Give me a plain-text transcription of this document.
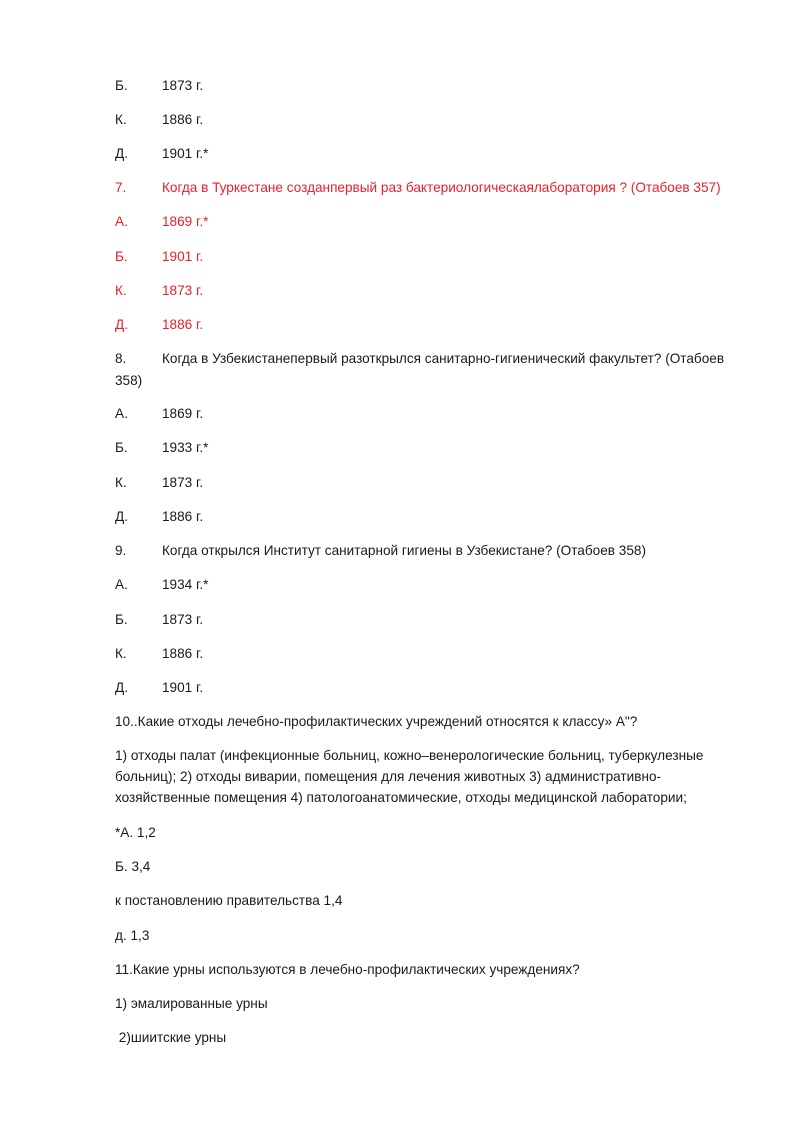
Б.	1873 г.
К.	1886 г.
Д.	1901 г.*
7.	Когда в Туркестане созданпервый раз бактериологическаялаборатория ? (Отабоев 357)
А.	1869 г.*
Б.	1901 г.
К.	1873 г.
Д.	1886 г.
8.	Когда в Узбекистанепервый разоткрылся санитарно-гигиенический факультет? (Отабоев
358)
А.	1869 г.
Б.	1933 г.*
К.	1873 г.
Д.	1886 г.
9.	Когда открылся Институт санитарной гигиены в Узбекистане? (Отабоев 358)
А.	1934 г.*
Б.	1873 г.
К.	1886 г.
Д.	1901 г.
10..Какие отходы лечебно-профилактических учреждений относятся к классу» А"?
1) отходы палат (инфекционные больниц, кожно–венерологические больниц, туберкулезные больниц); 2) отходы виварии, помещения для лечения животных 3) административно-хозяйственные помещения 4) патологоанатомические, отходы медицинской лаборатории;
*А. 1,2
Б. 3,4
к постановлению правительства 1,4
д. 1,3
11.Какие урны используются в лечебно-профилактических учреждениях?
1) эмалированные урны
2)шиитские урны
